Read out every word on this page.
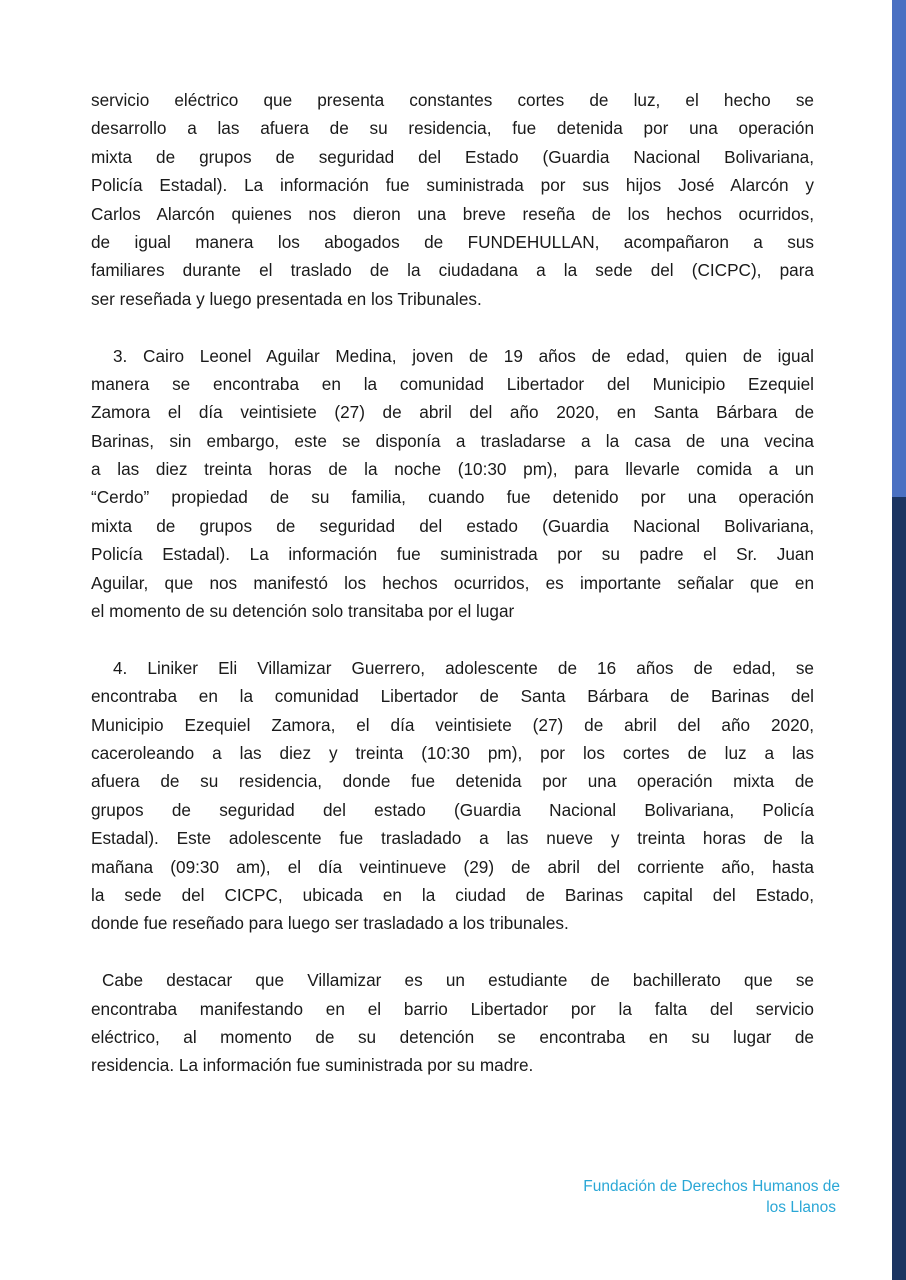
servicio eléctrico que presenta constantes cortes de luz, el hecho se
desarrollo a las afuera de su residencia, fue detenida por una operación
mixta de grupos de seguridad del Estado (Guardia Nacional Bolivariana,
Policía Estadal). La información fue suministrada por sus hijos José Alarcón y
Carlos Alarcón quienes nos dieron una breve reseña de los hechos ocurridos,
de igual manera los abogados de FUNDEHULLAN, acompañaron a sus
familiares durante el traslado de la ciudadana a la sede del (CICPC), para
ser reseñada y luego presentada en los Tribunales.
3. Cairo Leonel Aguilar Medina, joven de 19 años de edad, quien de igual
manera se encontraba en la comunidad Libertador del Municipio Ezequiel
Zamora el día veintisiete (27) de abril del año 2020, en Santa Bárbara de
Barinas, sin embargo, este se disponía a trasladarse a la casa de una vecina
a las diez treinta horas de la noche (10:30 pm), para llevarle comida a un
“Cerdo” propiedad de su familia, cuando fue detenido por una operación
mixta de grupos de seguridad del estado (Guardia Nacional Bolivariana,
Policía Estadal). La información fue suministrada por su padre el Sr. Juan
Aguilar, que nos manifestó los hechos ocurridos, es importante señalar que en
el momento de su detención solo transitaba por el lugar
4. Liniker Eli Villamizar Guerrero, adolescente de 16 años de edad, se
encontraba en la comunidad Libertador de Santa Bárbara de Barinas del
Municipio Ezequiel Zamora, el día veintisiete (27) de abril del año 2020,
caceroleando a las diez y treinta (10:30 pm), por los cortes de luz a las
afuera de su residencia, donde fue detenida por una operación mixta de
grupos de seguridad del estado (Guardia Nacional Bolivariana, Policía
Estadal). Este adolescente fue trasladado a las nueve y treinta horas de la
mañana (09:30 am), el día veintinueve (29) de abril del corriente año, hasta
la sede del CICPC, ubicada en la ciudad de Barinas capital del Estado,
donde fue reseñado para luego ser trasladado a los tribunales.
Cabe destacar que Villamizar es un estudiante de bachillerato que se
encontraba manifestando en el barrio Libertador por la falta del servicio
eléctrico, al momento de su detención se encontraba en su lugar de
residencia. La información fue suministrada por su madre.
Fundación de Derechos Humanos de
los Llanos
